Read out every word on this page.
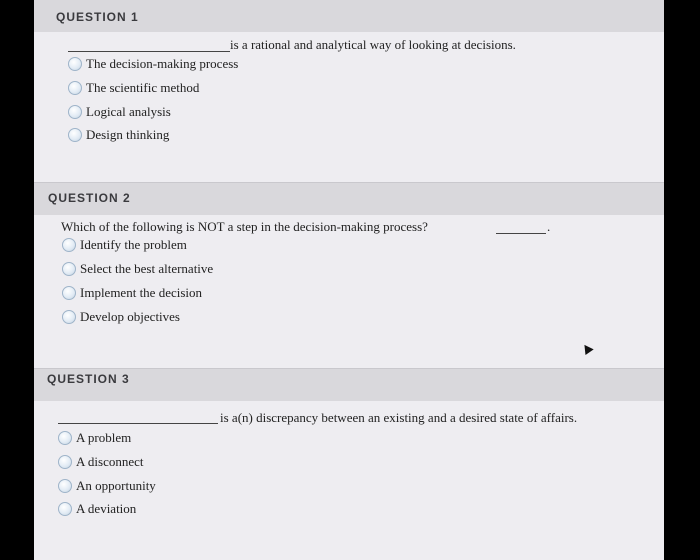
QUESTION 1
is a rational and analytical way of looking at decisions.
The decision-making process
The scientific method
Logical analysis
Design thinking
QUESTION 2
Which of the following is NOT a step in the decision-making process?	.
Identify the problem
Select the best alternative
Implement the decision
Develop objectives
QUESTION 3
is a(n) discrepancy between an existing and a desired state of affairs.
A problem
A disconnect
An opportunity
A deviation
